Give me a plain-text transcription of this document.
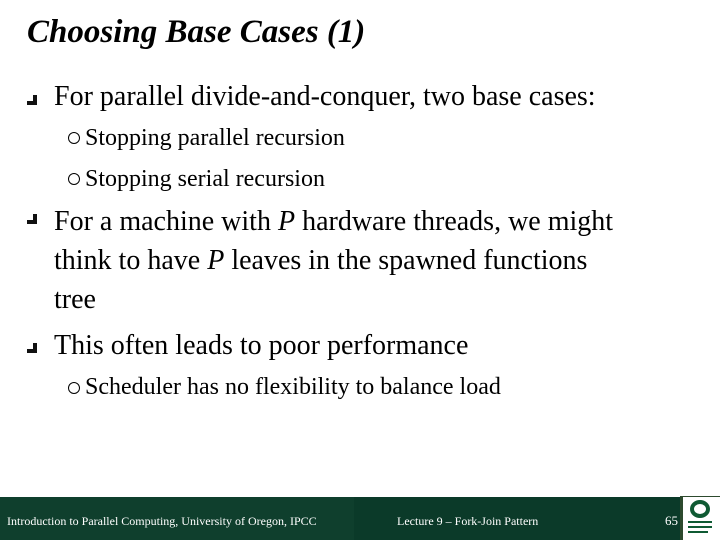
Choosing Base Cases (1)
For parallel divide-and-conquer, two base cases:
Stopping parallel recursion
Stopping serial recursion
For a machine with P hardware threads, we might
think to have P leaves in the spawned functions
tree
This often leads to poor performance
Scheduler has no flexibility to balance load
Introduction to Parallel Computing, University of Oregon, IPCC	Lecture 9 – Fork-Join Pattern	65
